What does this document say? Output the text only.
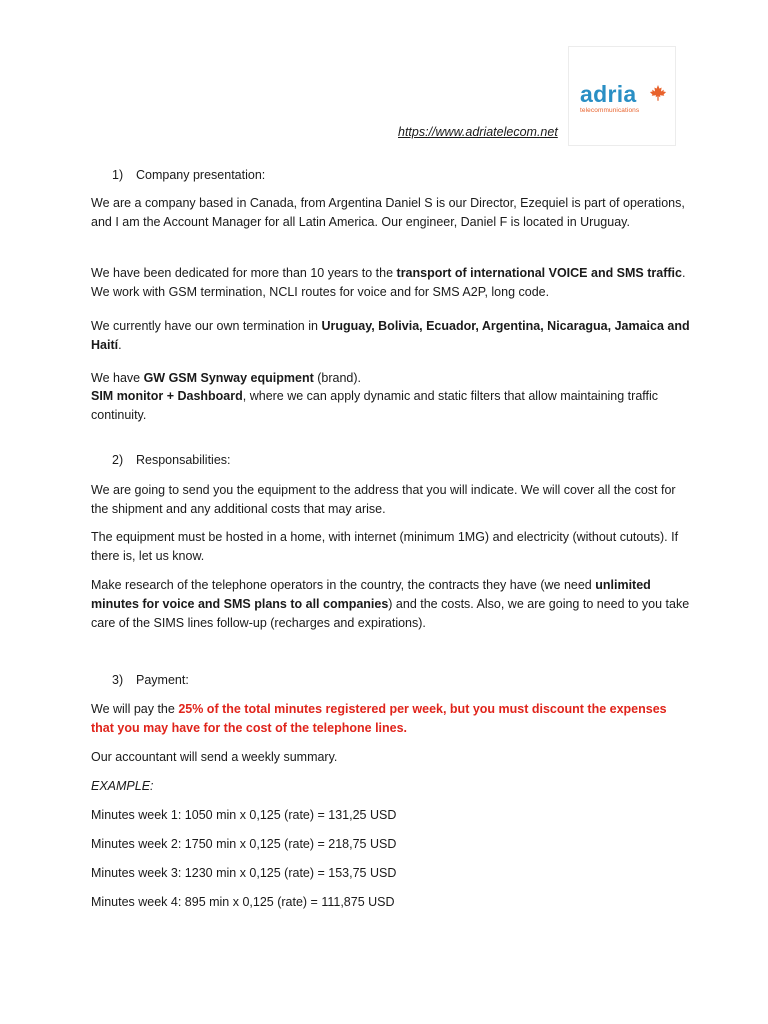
adria
telecommunications
https://www.adriatelecom.net

1) Company presentation:

We are a company based in Canada, from Argentina Daniel S is our Director, Ezequiel is part of operations, and I am the Account Manager for all Latin America. Our engineer, Daniel F is located in Uruguay.

We have been dedicated for more than 10 years to the transport of international VOICE and SMS traffic. We work with GSM termination, NCLI routes for voice and for SMS A2P, long code.

We currently have our own termination in Uruguay, Bolivia, Ecuador, Argentina, Nicaragua, Jamaica and Haití.

We have GW GSM Synway equipment (brand).

SIM monitor + Dashboard, where we can apply dynamic and static filters that allow maintaining traffic continuity.

2) Responsabilities:

We are going to send you the equipment to the address that you will indicate. We will cover all the cost for the shipment and any additional costs that may arise.

The equipment must be hosted in a home, with internet (minimum 1MG) and electricity (without cutouts). If there is, let us know.

Make research of the telephone operators in the country, the contracts they have (we need unlimited minutes for voice and SMS plans to all companies) and the costs. Also, we are going to need to you take care of the SIMS lines follow-up (recharges and expirations).

3) Payment:

We will pay the 25% of the total minutes registered per week, but you must discount the expenses that you may have for the cost of the telephone lines.

Our accountant will send a weekly summary.

EXAMPLE:

Minutes week 1: 1050 min x 0,125 (rate) = 131,25 USD

Minutes week 2: 1750 min x 0,125 (rate) = 218,75 USD

Minutes week 3: 1230 min x 0,125 (rate) = 153,75 USD

Minutes week 4: 895 min x 0,125 (rate) = 111,875 USD
